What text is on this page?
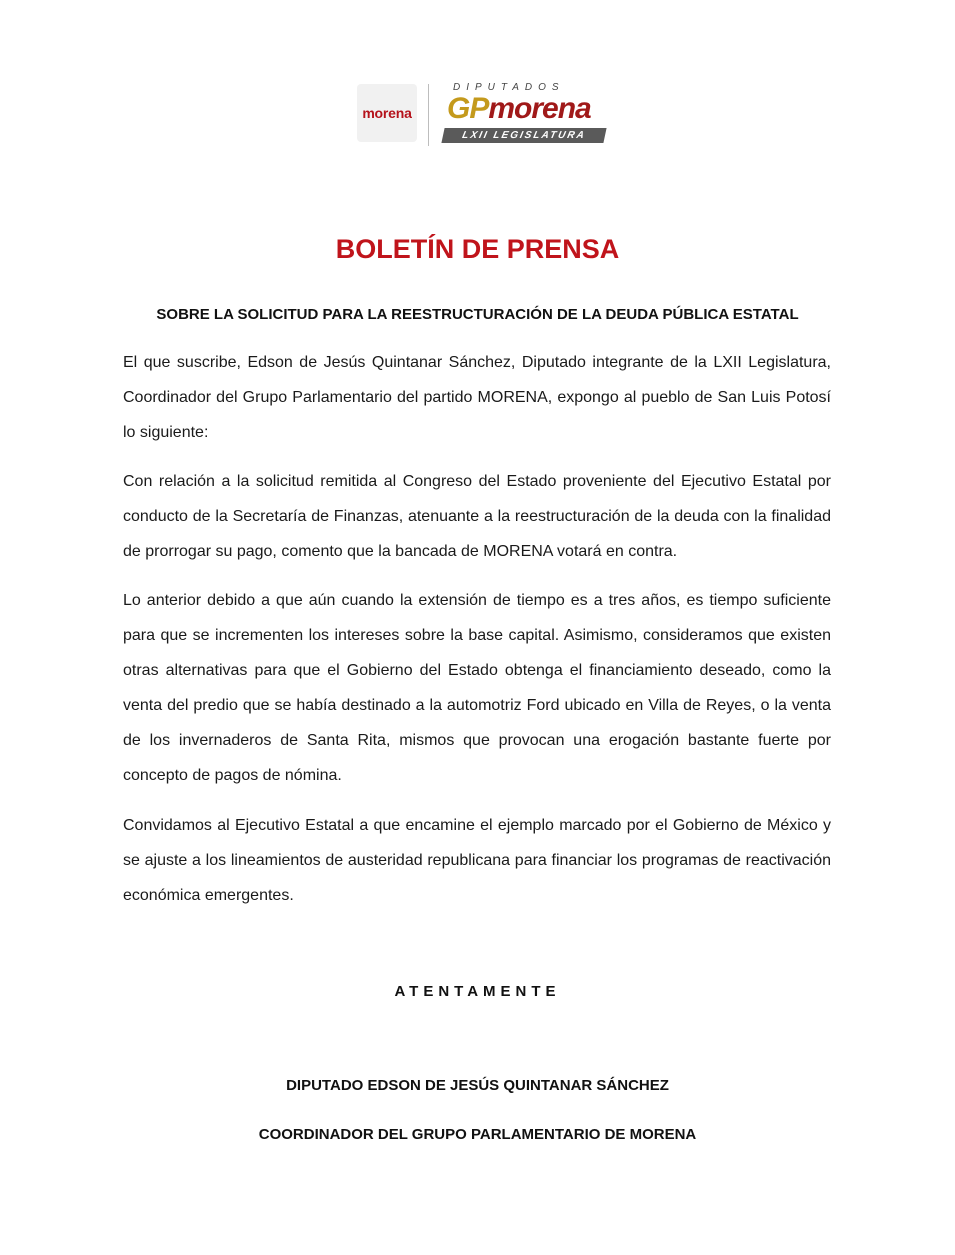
morena
DIPUTADOS
GPmorena
LXII LEGISLATURA
BOLETÍN DE PRENSA
SOBRE LA SOLICITUD PARA LA REESTRUCTURACIÓN DE LA DEUDA PÚBLICA ESTATAL
El que suscribe, Edson de Jesús Quintanar Sánchez, Diputado integrante de la LXII Legislatura, Coordinador del Grupo Parlamentario del partido MORENA, expongo al pueblo de San Luis Potosí lo siguiente:
Con relación a la solicitud remitida al Congreso del Estado proveniente del Ejecutivo Estatal por conducto de la Secretaría de Finanzas, atenuante a la reestructuración de la deuda con la finalidad de prorrogar su pago, comento que la bancada de MORENA votará en contra.
Lo anterior debido a que aún cuando la extensión de tiempo es a tres años, es tiempo suficiente para que se incrementen los intereses sobre la base capital. Asimismo, consideramos que existen otras alternativas para que el Gobierno del Estado obtenga el financiamiento deseado, como la venta del predio que se había destinado a la automotriz Ford ubicado en Villa de Reyes, o la venta de los invernaderos de Santa Rita, mismos que provocan una erogación bastante fuerte por concepto de pagos de nómina.
Convidamos al Ejecutivo Estatal a que encamine el ejemplo marcado por el Gobierno de México y se ajuste a los lineamientos de austeridad republicana para financiar los programas de reactivación económica emergentes.
ATENTAMENTE
DIPUTADO EDSON DE JESÚS QUINTANAR SÁNCHEZ
COORDINADOR DEL GRUPO PARLAMENTARIO DE MORENA
